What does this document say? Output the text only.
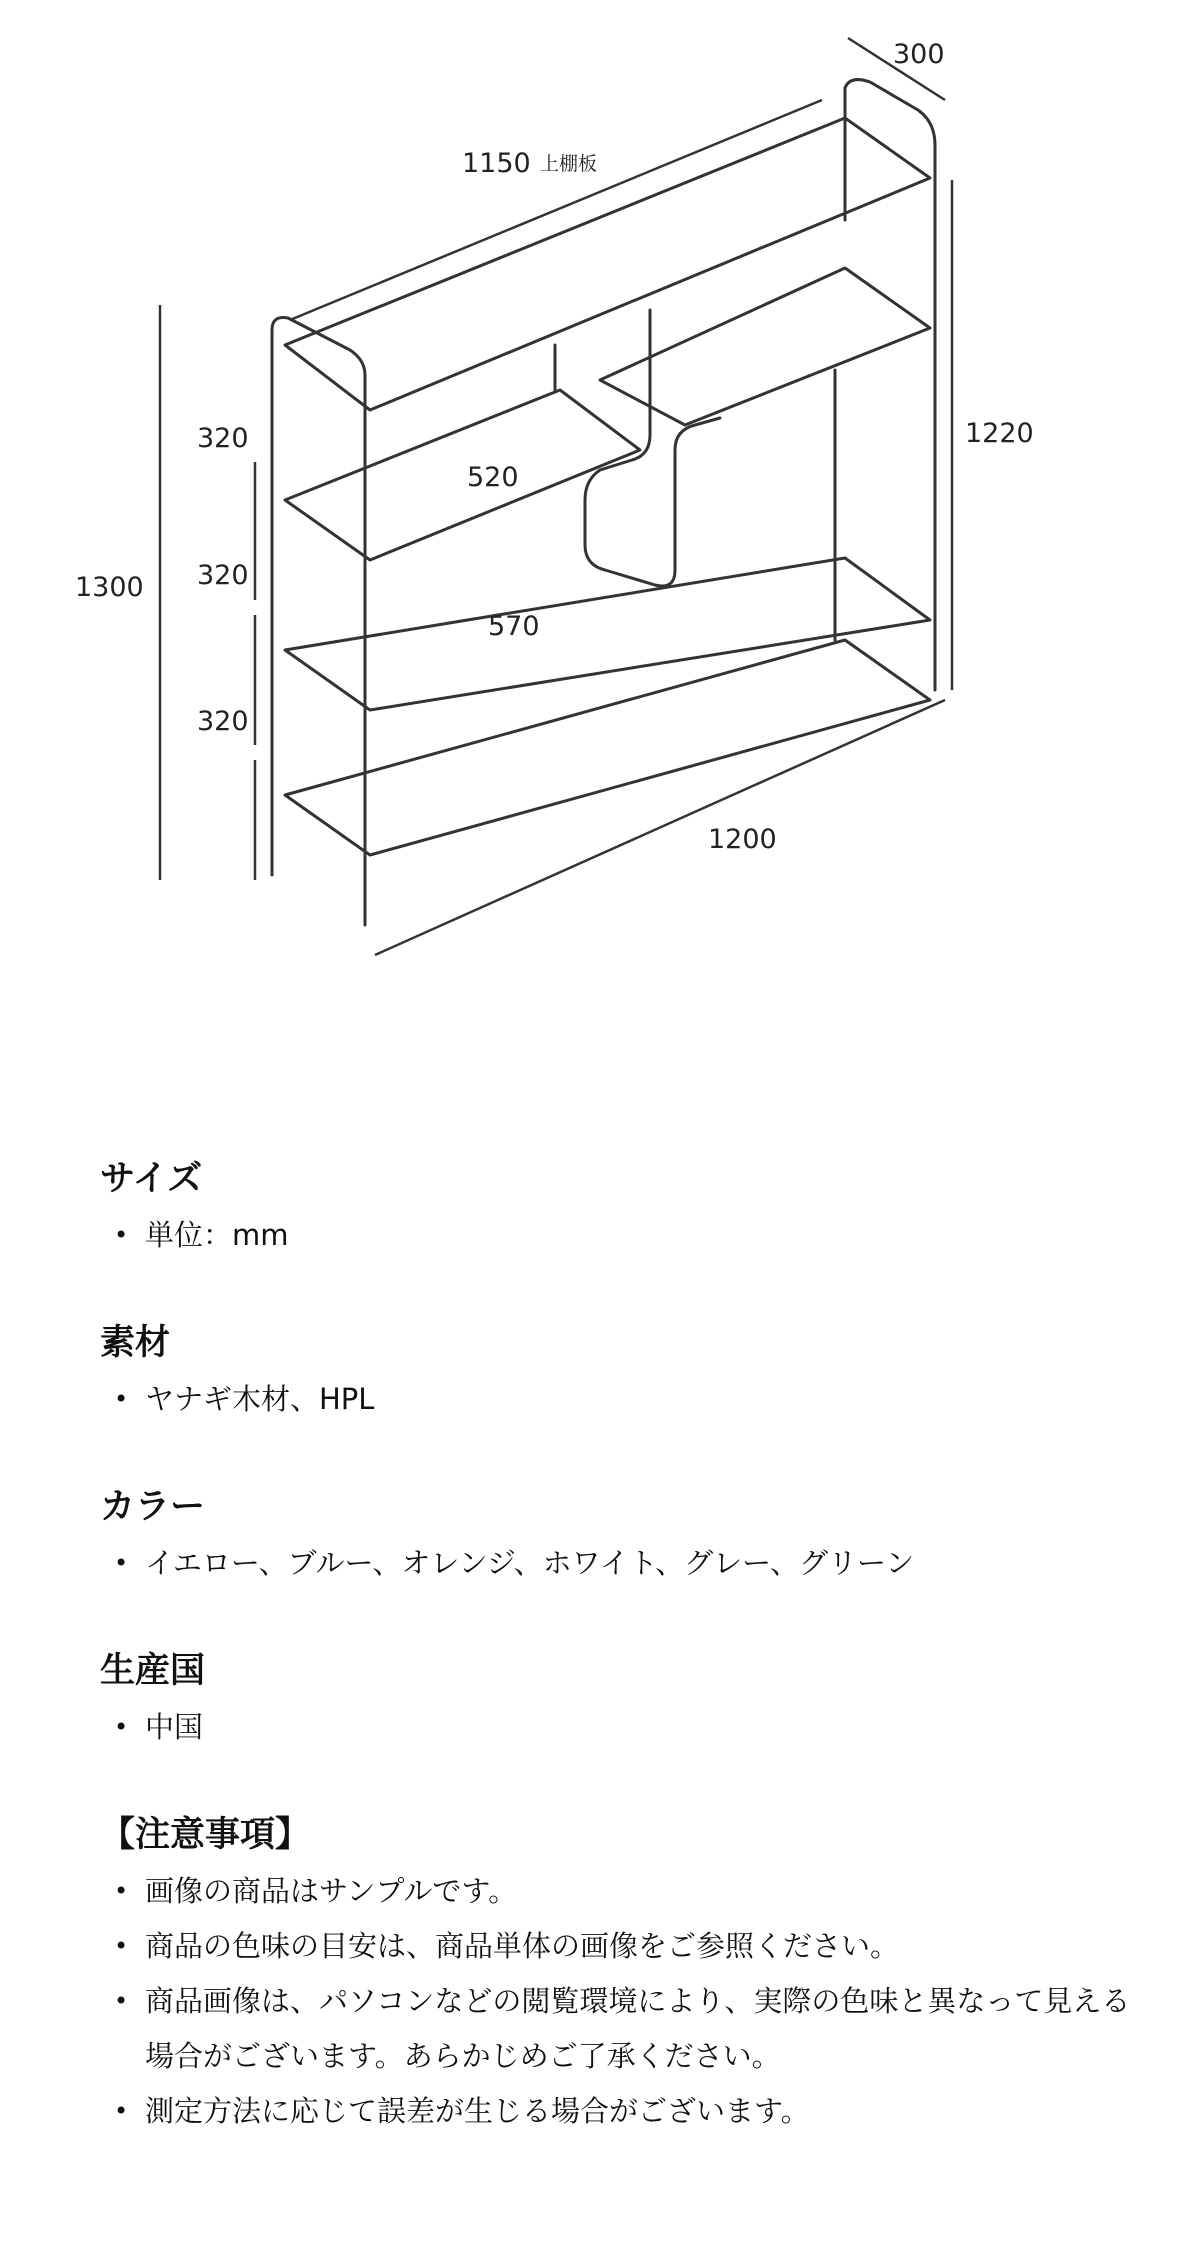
300
1150 上棚板
1300
1220
320
320
320
520
570
1200
サイズ
• 単位：mm
素材
• ヤナギ木材、HPL
カラー
• イエロー、ブルー、オレンジ、ホワイト、グレー、グリーン
生産国
• 中国
【注意事項】
• 画像の商品はサンプルです。
• 商品の色味の目安は、商品単体の画像をご参照ください。
• 商品画像は、パソコンなどの閲覧環境により、実際の色味と異なって見える場合がございます。あらかじめご了承ください。
• 測定方法に応じて誤差が生じる場合がございます。
